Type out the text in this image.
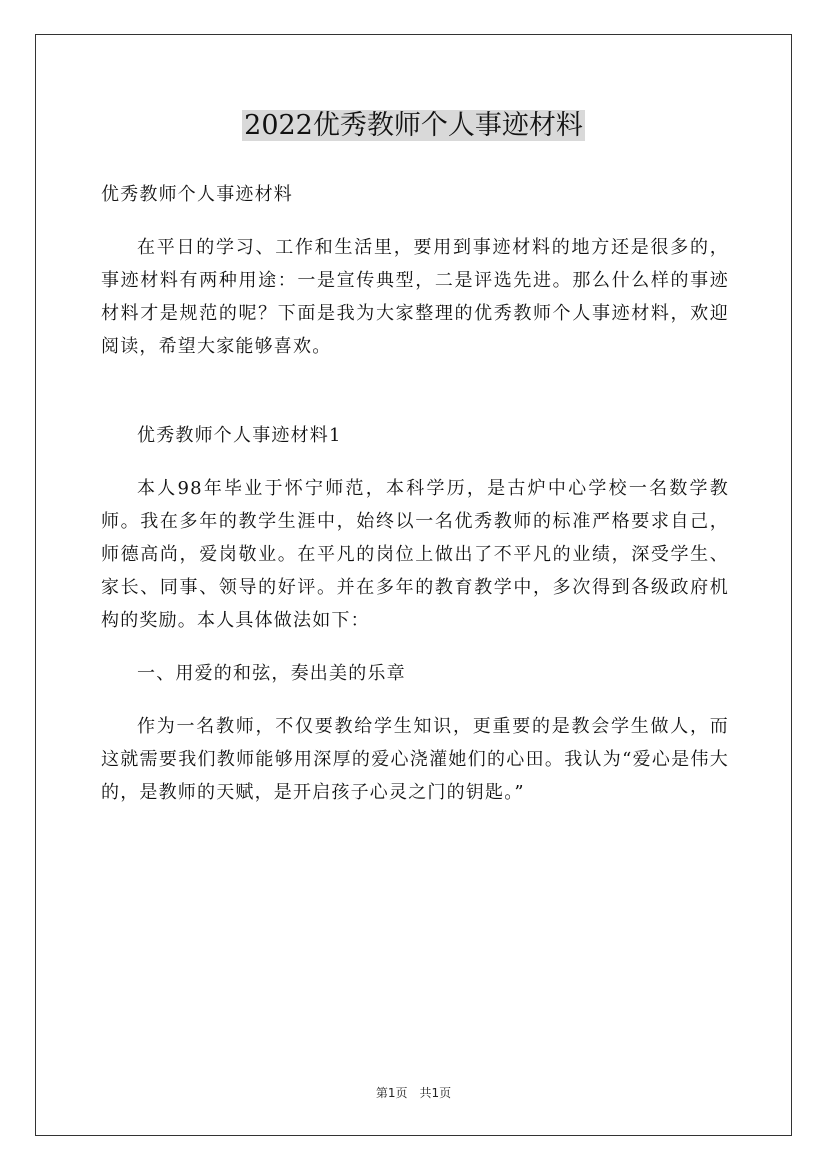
2022优秀教师个人事迹材料

优秀教师个人事迹材料

在平日的学习、工作和生活里，要用到事迹材料的地方还是很多的，事迹材料有两种用途：一是宣传典型，二是评选先进。那么什么样的事迹材料才是规范的呢？下面是我为大家整理的优秀教师个人事迹材料，欢迎阅读，希望大家能够喜欢。

优秀教师个人事迹材料1

本人98年毕业于怀宁师范，本科学历，是古炉中心学校一名数学教师。我在多年的教学生涯中，始终以一名优秀教师的标准严格要求自己，师德高尚，爱岗敬业。在平凡的岗位上做出了不平凡的业绩，深受学生、家长、同事、领导的好评。并在多年的教育教学中，多次得到各级政府机构的奖励。本人具体做法如下：

一、用爱的和弦，奏出美的乐章

作为一名教师，不仅要教给学生知识，更重要的是教会学生做人，而这就需要我们教师能够用深厚的爱心浇灌她们的心田。我认为“爱心是伟大的，是教师的天赋，是开启孩子心灵之门的钥匙。”

第1页　共1页
